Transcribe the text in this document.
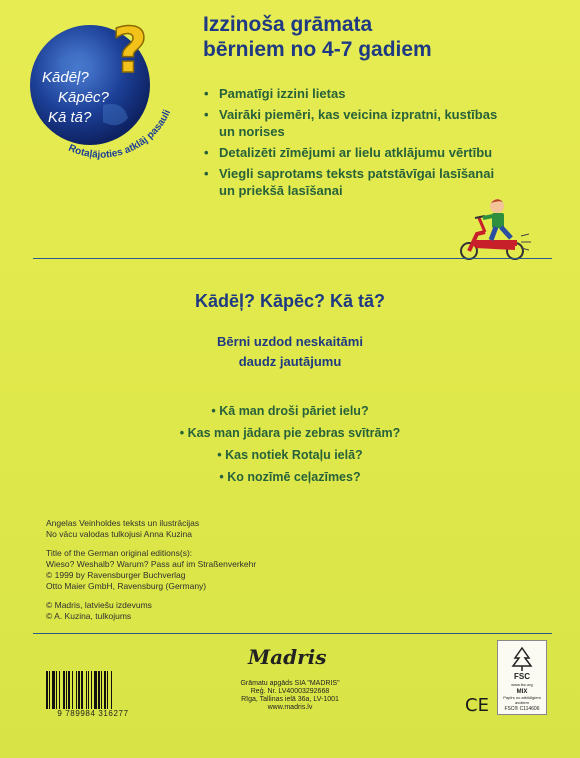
?
Kādēļ?
Kāpēc?
Kā tā?
Rotaļājoties atklāj pasauli
Izzinoša grāmata
bērniem no 4-7 gadiem
• Pamatīgi izzini lietas
• Vairāki piemēri, kas veicina izpratni, kustības
un norises
• Detalizēti zīmējumi ar lielu atklājumu vērtību
• Viegli saprotams teksts patstāvīgai lasīšanai
un priekšā lasīšanai
Kādēļ? Kāpēc? Kā tā?
Bērni uzdod neskaitāmi
daudz jautājumu
• Kā man droši pāriet ielu?
• Kas man jādara pie zebras svītrām?
• Kas notiek Rotaļu ielā?
• Ko nozīmē ceļazīmes?
Angelas Veinholdes teksts un ilustrācijas
No vācu valodas tulkojusi Anna Kuzina
Title of the German original editions(s):
Wieso? Weshalb? Warum? Pass auf im Straßenverkehr
© 1999 by Ravensburger Buchverlag
Otto Maier GmbH, Ravensburg (Germany)
© Madris, latviešu izdevums
© A. Kuzina, tulkojums
9 789984 316277
Madris
Grāmatu apgāds SIA "MADRIS"
Reģ. Nr. LV40003292668
Rīga, Tallinas ielā 36a, LV-1001
www.madris.lv	CE
FSC
www.fsc.org
MIX
Papīrs no atbildīgiem avotiem
FSC® C114606
